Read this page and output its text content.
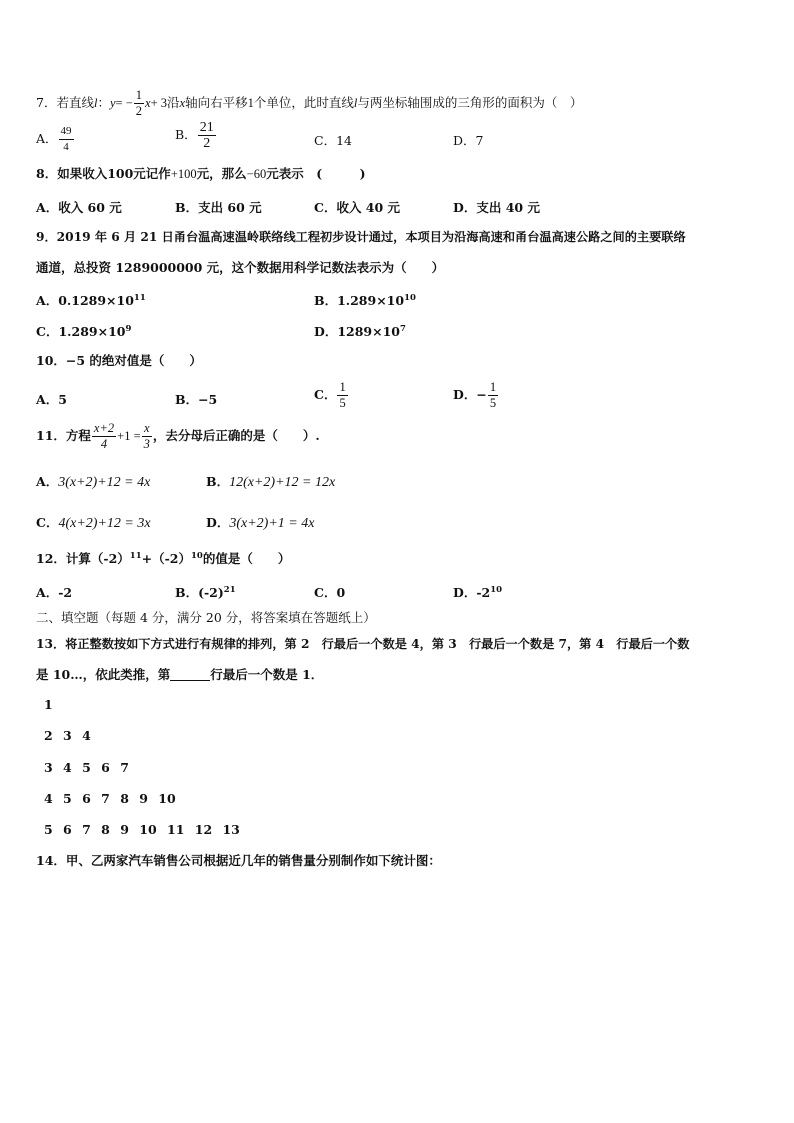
7．若直线l：$y= - \frac{1}{2} x+ 3$沿x轴向右平移1个单位，此时直线l与两坐标轴围成的三角形的面积为（　）
A． $\frac{49}{4}$	B． $\frac{21}{2}$	C．14	D．7
8．如果收入100元记作+100元，那么−60元表示　(　　　)
A．收入 60 元	B．支出 60 元	C．收入 40 元	D．支出 40 元
9．2019 年 6 月 21 日甬台温高速温岭联络线工程初步设计通过，本项目为沿海高速和甬台温高速公路之间的主要联络
通道，总投资 1289000000 元，这个数据用科学记数法表示为（　　）
A．$0.1289\times 10^{11}$	B．$1.289\times 10^{10}$
C．$1.289\times 10^9$	D．$1289\times 10^7$
10．−5 的绝对值是（　　）
A．5	B．−5	C． $\frac{1}{5}$	D．− $\frac{1}{5}$
11．方程 $\frac{x+2}{4} +1 = \frac{x}{3}$ ，去分母后正确的是（　　）.
A．3(x+2)+12 = 4x	B．12(x+2)+12 = 12x
C．4(x+2)+12 = 3x	D．3(x+2)+1 = 4x
12．计算$(-2)^{11}+(-2)^{10}$的值是（　　）
A．-2	B．$(-2)^{21}$	C．0	D．$-2^{10}$
二、填空题（每题 4 分，满分 20 分，将答案填在答题纸上）
13．将正整数按如下方式进行有规律的排列，第 2　行最后一个数是 4，第 3　行最后一个数是 7，第 4　行最后一个数
是 10…，依此类推，第	行最后一个数是 1．
1
2 3 4
3 4 5 6 7
4 5 6 7 8 9 10
5 6 7 8 9 10 11 12 13
14．甲、乙两家汽车销售公司根据近几年的销售量分别制作如下统计图：
